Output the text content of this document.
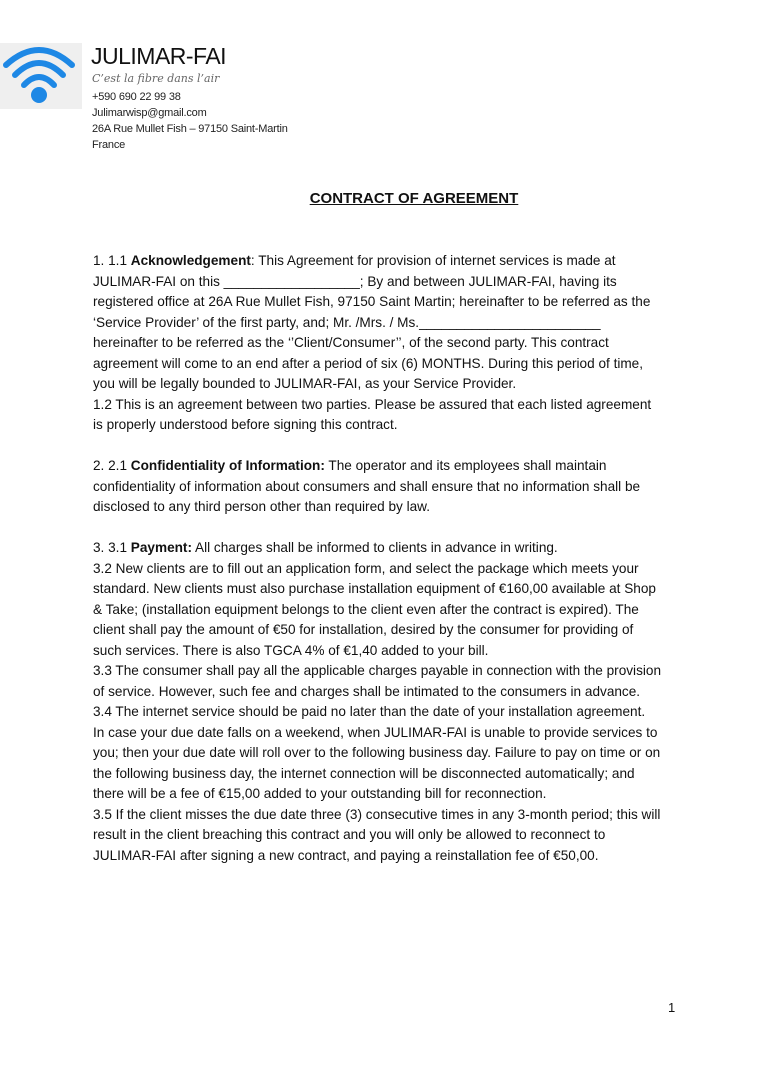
JULIMAR-FAI
C’est la fibre dans l’air
+590 690 22 99 38
Julimarwisp@gmail.com
26A Rue Mullet Fish – 97150 Saint-Martin
France
CONTRACT OF AGREEMENT

1. 1.1 Acknowledgement: This Agreement for provision of internet services is made at JULIMAR-FAI on this __________________; By and between JULIMAR-FAI, having its registered office at 26A Rue Mullet Fish, 97150 Saint Martin; hereinafter to be referred as the ‘Service Provider’ of the first party, and; Mr. /Mrs. / Ms.________________________ hereinafter to be referred as the ‘’Client/Consumer’’, of the second party. This contract agreement will come to an end after a period of six (6) MONTHS. During this period of time, you will be legally bounded to JULIMAR-FAI, as your Service Provider.

1.2 This is an agreement between two parties. Please be assured that each listed agreement is properly understood before signing this contract.

2. 2.1 Confidentiality of Information: The operator and its employees shall maintain confidentiality of information about consumers and shall ensure that no information shall be disclosed to any third person other than required by law.

3. 3.1 Payment: All charges shall be informed to clients in advance in writing.

3.2 New clients are to fill out an application form, and select the package which meets your standard. New clients must also purchase installation equipment of €160,00 available at Shop & Take; (installation equipment belongs to the client even after the contract is expired). The client shall pay the amount of €50 for installation, desired by the consumer for providing of such services. There is also TGCA 4% of €1,40 added to your bill.

3.3 The consumer shall pay all the applicable charges payable in connection with the provision of service. However, such fee and charges shall be intimated to the consumers in advance.

3.4 The internet service should be paid no later than the date of your installation agreement.

In case your due date falls on a weekend, when JULIMAR-FAI is unable to provide services to you; then your due date will roll over to the following business day. Failure to pay on time or on the following business day, the internet connection will be disconnected automatically; and there will be a fee of €15,00 added to your outstanding bill for reconnection.

3.5 If the client misses the due date three (3) consecutive times in any 3-month period; this will result in the client breaching this contract and you will only be allowed to reconnect to JULIMAR-FAI after signing a new contract, and paying a reinstallation fee of €50,00.

1
